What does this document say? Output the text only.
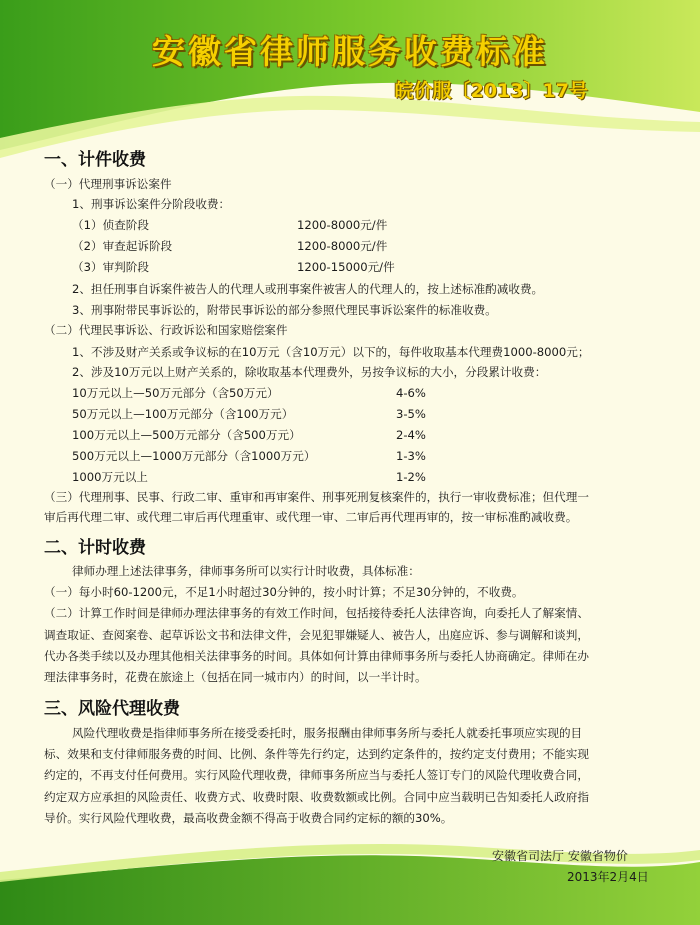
安徽省律师服务收费标准
皖价服〔2013〕17号
一、计件收费
（一）代理刑事诉讼案件
1、刑事诉讼案件分阶段收费：
（1）侦查阶段	1200-8000元/件
（2）审查起诉阶段	1200-8000元/件
（3）审判阶段	1200-15000元/件
2、担任刑事自诉案件被告人的代理人或刑事案件被害人的代理人的，按上述标准酌减收费。
3、刑事附带民事诉讼的，附带民事诉讼的部分参照代理民事诉讼案件的标准收费。
（二）代理民事诉讼、行政诉讼和国家赔偿案件
1、不涉及财产关系或争议标的在10万元（含10万元）以下的，每件收取基本代理费1000-8000元；
2、涉及10万元以上财产关系的，除收取基本代理费外，另按争议标的大小，分段累计收费：
10万元以上—50万元部分（含50万元）	4-6%
50万元以上—100万元部分（含100万元）	3-5%
100万元以上—500万元部分（含500万元）	2-4%
500万元以上—1000万元部分（含1000万元）	1-3%
1000万元以上	1-2%
（三）代理刑事、民事、行政二审、重审和再审案件、刑事死刑复核案件的，执行一审收费标准；但代理一
审后再代理二审、或代理二审后再代理重审、或代理一审、二审后再代理再审的，按一审标准酌减收费。
二、计时收费
律师办理上述法律事务，律师事务所可以实行计时收费，具体标准：
（一）每小时60-1200元，不足1小时超过30分钟的，按小时计算；不足30分钟的，不收费。
（二）计算工作时间是律师办理法律事务的有效工作时间，包括接待委托人法律咨询，向委托人了解案情、
调查取证、查阅案卷、起草诉讼文书和法律文件，会见犯罪嫌疑人、被告人，出庭应诉、参与调解和谈判，
代办各类手续以及办理其他相关法律事务的时间。具体如何计算由律师事务所与委托人协商确定。律师在办
理法律事务时，花费在旅途上（包括在同一城市内）的时间，以一半计时。
三、风险代理收费
风险代理收费是指律师事务所在接受委托时，服务报酬由律师事务所与委托人就委托事项应实现的目
标、效果和支付律师服务费的时间、比例、条件等先行约定，达到约定条件的，按约定支付费用；不能实现
约定的，不再支付任何费用。实行风险代理收费，律师事务所应当与委托人签订专门的风险代理收费合同，
约定双方应承担的风险责任、收费方式、收费时限、收费数额或比例。合同中应当载明已告知委托人政府指
导价。实行风险代理收费，最高收费金额不得高于收费合同约定标的额的30%。
安徽省司法厅 安徽省物价
2013年2月4日
